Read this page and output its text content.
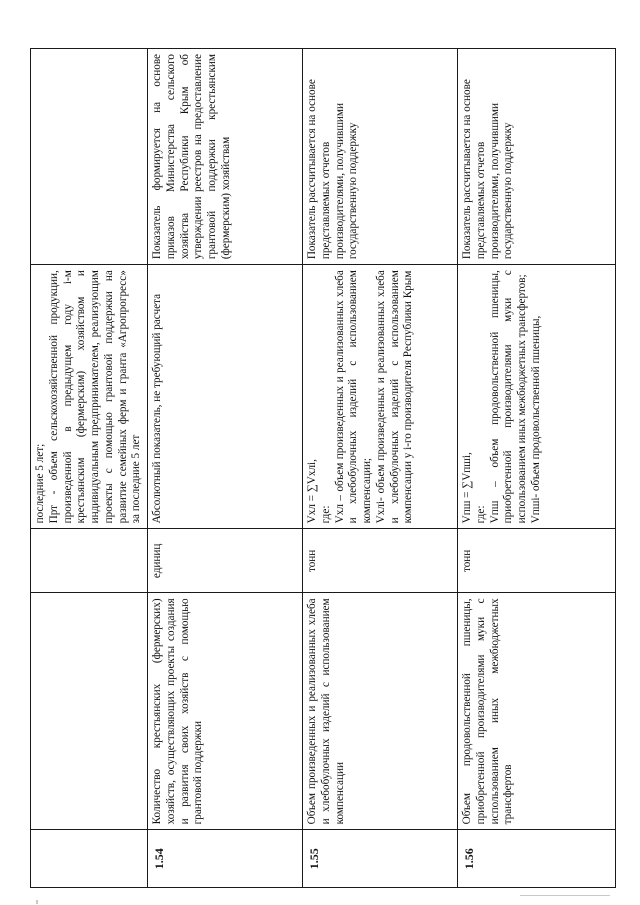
			последние 5 лет; Прт - объем сельскохозяйственной продукции, произведенной в предыдущем году i-м крестьянским (фермерским) хозяйством и индивидуальным предпринимателем, реализующим проекты с помощью грантовой поддержки на развитие семейных ферм и гранта «Агропрогресс» за последние 5 лет	

1.54	Количество крестьянских (фермерских) хозяйств, осуществляющих проекты создания и развития своих хозяйств с помощью грантовой поддержки	единиц	Абсолютный показатель, не требующий расчета	Показатель формируется на основе приказов Министерства сельского хозяйства Республики Крым об утверждении реестров на предоставление грантовой поддержки крестьянским (фермерским) хозяйствам
1.55	Объем произведенных и реализованных хлеба и хлебобулочных изделий с использованием компенсации	тонн	Vхл = ∑Vхлi, где: Vхл – объем произведенных и реализованных хлеба и хлебобулочных изделий с использованием компенсации; Vхлi- объем произведенных и реализованных хлеба и хлебобулочных изделий с использованием компенсации у i-го производителя Республики Крым	Показатель рассчитывается на основе представляемых отчетов производителями, получившими государственную поддержку
1.56	Объем продовольственной пшеницы, приобретенной производителями муки с использованием иных межбюджетных трансфертов	тонн	Vпш = ∑Vпшi, где: Vпш – объем продовольственной пшеницы, приобретенной производителями муки с использованием иных межбюджетных трансфертов; Vпшi- объем продовольственной пшеницы,	Показатель рассчитывается на основе представляемых отчетов производителями, получившими государственную поддержку
